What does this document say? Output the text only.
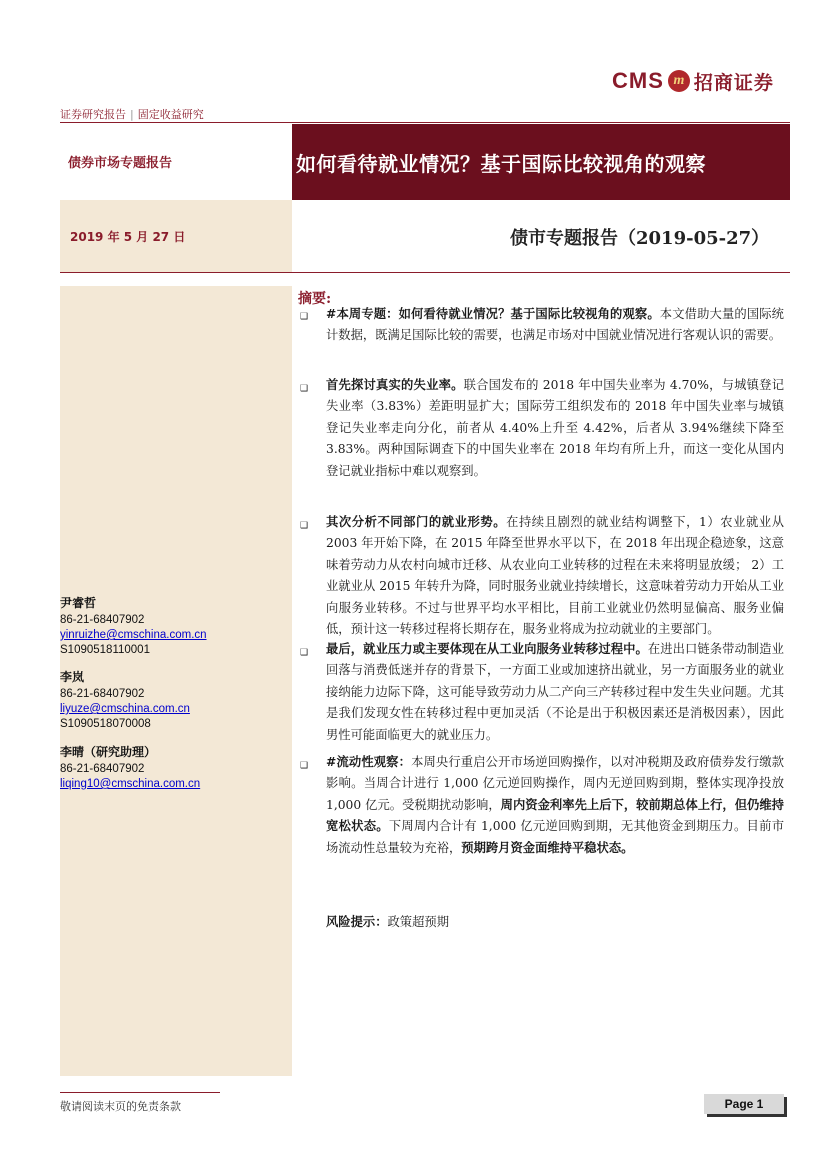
CMS m 招商证券
证券研究报告 | 固定收益研究
债券市场专题报告	如何看待就业情况？基于国际比较视角的观察
2019 年 5 月 27 日	债市专题报告（2019-05-27）
尹睿哲
86-21-68407902
yinruizhe@cmschina.com.cn
S1090518110001
李岚
86-21-68407902
liyuze@cmschina.com.cn
S1090518070008
李晴（研究助理）
86-21-68407902
liqing10@cmschina.com.cn
摘要:
❑	#本周专题：如何看待就业情况？基于国际比较视角的观察。本文借助大量的国际统计数据，既满足国际比较的需要，也满足市场对中国就业情况进行客观认识的需要。
❑	首先探讨真实的失业率。联合国发布的 2018 年中国失业率为 4.70%，与城镇登记失业率（3.83%）差距明显扩大；国际劳工组织发布的 2018 年中国失业率与城镇登记失业率走向分化，前者从 4.40%上升至 4.42%，后者从 3.94%继续下降至 3.83%。两种国际调查下的中国失业率在 2018 年均有所上升，而这一变化从国内登记就业指标中难以观察到。
❑	其次分析不同部门的就业形势。在持续且剧烈的就业结构调整下，1）农业就业从 2003 年开始下降，在 2015 年降至世界水平以下，在 2018 年出现企稳迹象，这意味着劳动力从农村向城市迁移、从农业向工业转移的过程在未来将明显放缓； 2）工业就业从 2015 年转升为降，同时服务业就业持续增长，这意味着劳动力开始从工业向服务业转移。不过与世界平均水平相比，目前工业就业仍然明显偏高、服务业偏低，预计这一转移过程将长期存在，服务业将成为拉动就业的主要部门。
❑	最后，就业压力或主要体现在从工业向服务业转移过程中。在进出口链条带动制造业回落与消费低迷并存的背景下，一方面工业或加速挤出就业，另一方面服务业的就业接纳能力边际下降，这可能导致劳动力从二产向三产转移过程中发生失业问题。尤其是我们发现女性在转移过程中更加灵活（不论是出于积极因素还是消极因素），因此男性可能面临更大的就业压力。
❑	#流动性观察：本周央行重启公开市场逆回购操作，以对冲税期及政府债券发行缴款影响。当周合计进行 1,000 亿元逆回购操作，周内无逆回购到期，整体实现净投放 1,000 亿元。受税期扰动影响，周内资金利率先上后下，较前期总体上行，但仍维持宽松状态。下周周内合计有 1,000 亿元逆回购到期，无其他资金到期压力。目前市场流动性总量较为充裕，预期跨月资金面维持平稳状态。
风险提示：政策超预期
敬请阅读末页的免责条款	Page 1
